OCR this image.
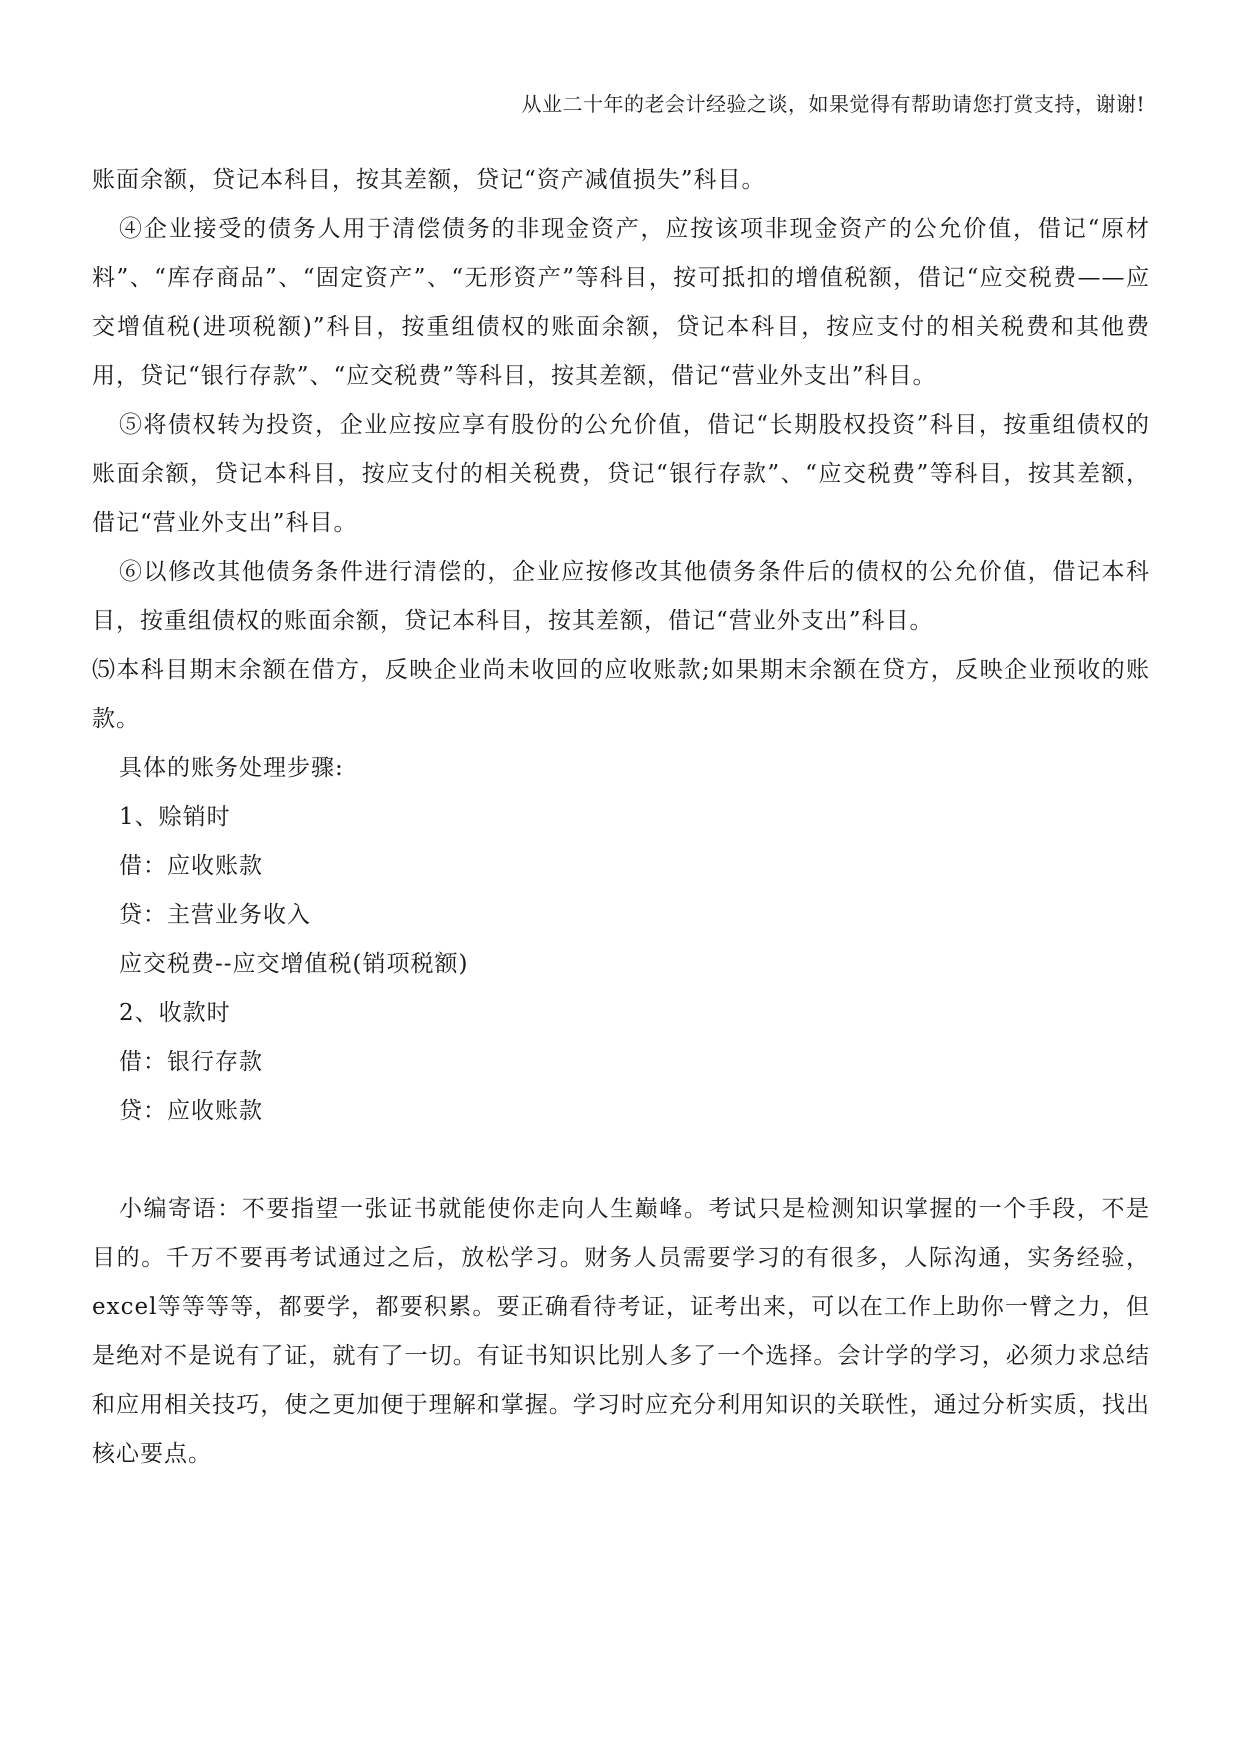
从业二十年的老会计经验之谈，如果觉得有帮助请您打赏支持，谢谢!

账面余额，贷记本科目，按其差额，贷记“资产减值损失”科目。

④企业接受的债务人用于清偿债务的非现金资产，应按该项非现金资产的公允价值，借记“原材料”、“库存商品”、“固定资产”、“无形资产”等科目，按可抵扣的增值税额，借记“应交税费——应交增值税(进项税额)”科目，按重组债权的账面余额，贷记本科目，按应支付的相关税费和其他费用，贷记“银行存款”、“应交税费”等科目，按其差额，借记“营业外支出”科目。

⑤将债权转为投资，企业应按应享有股份的公允价值，借记“长期股权投资”科目，按重组债权的账面余额，贷记本科目，按应支付的相关税费，贷记“银行存款”、“应交税费”等科目，按其差额，借记“营业外支出”科目。

⑥以修改其他债务条件进行清偿的，企业应按修改其他债务条件后的债权的公允价值，借记本科目，按重组债权的账面余额，贷记本科目，按其差额，借记“营业外支出”科目。

⑸本科目期末余额在借方，反映企业尚未收回的应收账款;如果期末余额在贷方，反映企业预收的账款。

具体的账务处理步骤:

1、赊销时

借：应收账款

贷：主营业务收入

应交税费--应交增值税(销项税额)

2、收款时

借：银行存款

贷：应收账款

小编寄语：不要指望一张证书就能使你走向人生巅峰。考试只是检测知识掌握的一个手段，不是目的。千万不要再考试通过之后，放松学习。财务人员需要学习的有很多，人际沟通，实务经验，excel等等等等，都要学，都要积累。要正确看待考证，证考出来，可以在工作上助你一臂之力，但是绝对不是说有了证，就有了一切。有证书知识比别人多了一个选择。会计学的学习，必须力求总结和应用相关技巧，使之更加便于理解和掌握。学习时应充分利用知识的关联性，通过分析实质，找出核心要点。
